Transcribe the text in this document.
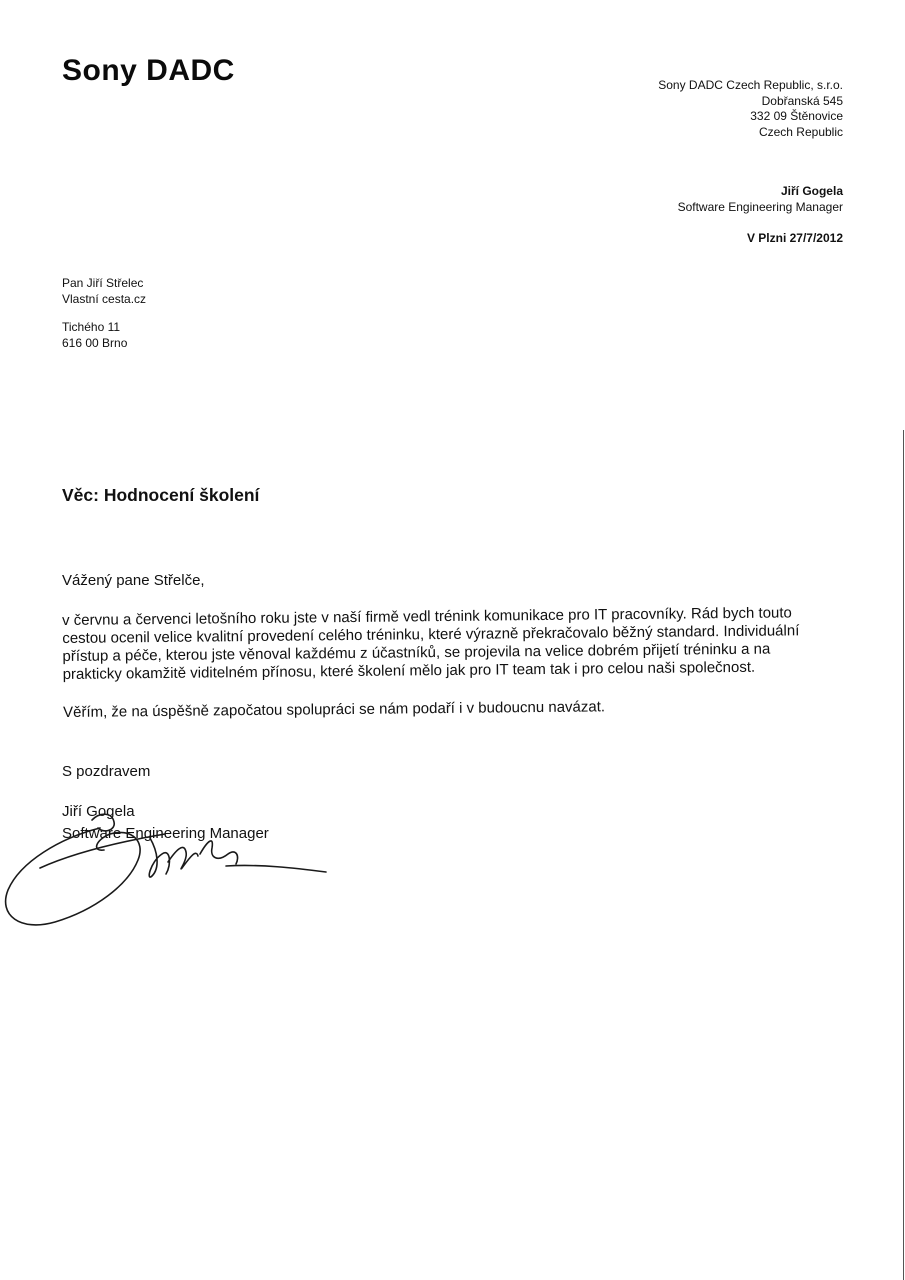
Sony DADC	Sony DADC Czech Republic, s.r.o.
Dobřanská 545
332 09 Štěnovice
Czech Republic
Jiří Gogela
Software Engineering Manager
V Plzni 27/7/2012
Pan Jiří Střelec
Vlastní cesta.cz
Tichého 11
616 00 Brno
Věc: Hodnocení školení
Vážený pane Střelče,

v červnu a červenci letošního roku jste v naší firmě vedl trénink komunikace pro IT pracovníky. Rád bych touto cestou ocenil velice kvalitní provedení celého tréninku, které výrazně překračovalo běžný standard. Individuální přístup a péče, kterou jste věnoval každému z účastníků, se projevila na velice dobrém přijetí tréninku a na prakticky okamžitě viditelném přínosu, které školení mělo jak pro IT team tak i pro celou naši společnost.

Věřím, že na úspěšně započatou spolupráci se nám podaří i v budoucnu navázat.

S pozdravem
Jiří Gogela
Software Engineering Manager
